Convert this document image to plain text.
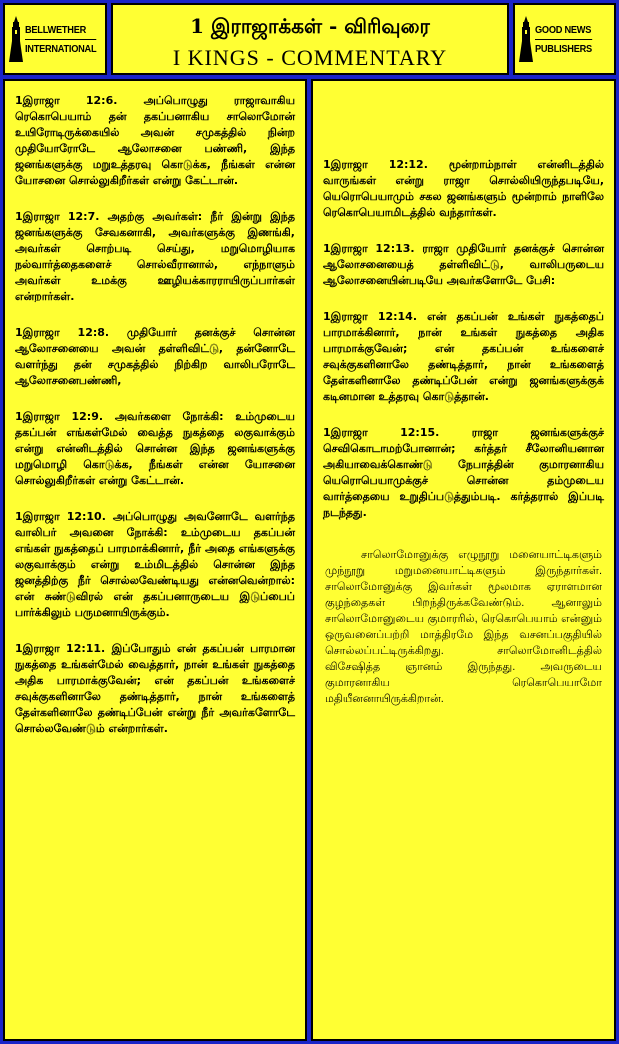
BELLWETHER
INTERNATIONAL
1 இராஜாக்கள் - விரிவுரை
I KINGS - COMMENTARY
GOOD NEWS
PUBLISHERS

1இராஜா 12:6. அப்பொழுது ராஜாவாகிய ரெகொபெயாம் தன் தகப்பனாகிய சாலொமோன் உயிரோடிருக்கையில் அவன் சமுகத்தில் நின்ற முதியோரோடே ஆலோசனை பண்ணி, இந்த ஜனங்களுக்கு மறுஉத்தரவு கொடுக்க, நீங்கள் என்ன யோசனை சொல்லுகிறீர்கள் என்று கேட்டான்.

1இராஜா 12:7. அதற்கு அவர்கள்: நீர் இன்று இந்த ஜனங்களுக்கு சேவகனாகி, அவர்களுக்கு இணங்கி, அவர்கள் சொற்படி செய்து, மறுமொழியாக நல்வார்த்தைகளைச் சொல்வீரானால், எந்நாளும் அவர்கள் உமக்கு ஊழியக்காரராயிருப்பார்கள் என்றார்கள்.

1இராஜா 12:8. முதியோர் தனக்குச் சொன்ன ஆலோசனையை அவன் தள்ளிவிட்டு, தன்னோடே வளர்ந்து தன் சமுகத்தில் நிற்கிற வாலிபரோடே ஆலோசனைபண்ணி,

1இராஜா 12:9. அவர்களை நோக்கி: உம்முடைய தகப்பன் எங்கள்மேல் வைத்த நுகத்தை லகுவாக்கும் என்று என்னிடத்தில் சொன்ன இந்த ஜனங்களுக்கு மறுமொழி கொடுக்க, நீங்கள் என்ன யோசனை சொல்லுகிறீர்கள் என்று கேட்டான்.

1இராஜா 12:10. அப்பொழுது அவனோடே வளர்ந்த வாலிபர் அவனை நோக்கி: உம்முடைய தகப்பன் எங்கள் நுகத்தைப் பாரமாக்கினார், நீர் அதை எங்களுக்கு லகுவாக்கும் என்று உம்மிடத்தில் சொன்ன இந்த ஜனத்திற்கு நீர் சொல்லவேண்டியது என்னவென்றால்: என் சுண்டுவிரல் என் தகப்பனாருடைய இடுப்பைப் பார்க்கிலும் பருமனாயிருக்கும்.

1இராஜா 12:11. இப்போதும் என் தகப்பன் பாரமான நுகத்தை உங்கள்மேல் வைத்தார், நான் உங்கள் நுகத்தை அதிக பாரமாக்குவேன்; என் தகப்பன் உங்களைச் சவுக்குகளினாலே தண்டித்தார், நான் உங்களைத் தேள்களினாலே தண்டிப்பேன் என்று நீர் அவர்களோடே சொல்லவேண்டும் என்றார்கள்.

1இராஜா 12:12. மூன்றாம்நாள் என்னிடத்தில் வாருங்கள் என்று ராஜா சொல்லியிருந்தபடியே, யெரொபெயாமும் சகல ஜனங்களும் மூன்றாம் நாளிலே ரெகொபெயாமிடத்தில் வந்தார்கள்.

1இராஜா 12:13. ராஜா முதியோர் தனக்குச் சொன்ன ஆலோசனையைத் தள்ளிவிட்டு, வாலிபருடைய ஆலோசனையின்படியே அவர்களோடே பேசி:

1இராஜா 12:14. என் தகப்பன் உங்கள் நுகத்தைப் பாரமாக்கினார், நான் உங்கள் நுகத்தை அதிக பாரமாக்குவேன்; என் தகப்பன் உங்களைச் சவுக்குகளினாலே தண்டித்தார், நான் உங்களைத் தேள்களினாலே தண்டிப்பேன் என்று ஜனங்களுக்குக் கடினமான உத்தரவு கொடுத்தான்.

1இராஜா 12:15. ராஜா ஜனங்களுக்குச் செவிகொடாமற்போனான்; கர்த்தர் சீலோனியனான அகியாவைக்கொண்டு நேபாத்தின் குமாரனாகிய யெரொபெயாமுக்குச் சொன்ன தம்முடைய வார்த்தையை உறுதிப்படுத்தும்படி. கர்த்தரால் இப்படி நடந்தது.

சாலொமோனுக்கு எழுநூறு மனையாட்டிகளும் முந்நூறு மறுமனையாட்டிகளும் இருந்தார்கள். சாலொமோனுக்கு இவர்கள் மூலமாக ஏராளமான குழந்தைகள் பிறந்திருக்கவேண்டும். ஆனாலும் சாலொமோனுடைய குமாரரில், ரெகொபெயாம் என்னும் ஒருவனைப்பற்றி மாத்திரமே இந்த வசனப்பகுதியில் சொல்லப்பட்டிருக்கிறது. சாலொமோனிடத்தில் விசேஷித்த ஞானம் இருந்தது. அவருடைய குமாரனாகிய ரெகொபெயாமோ மதியீனனாயிருக்கிறான்.
